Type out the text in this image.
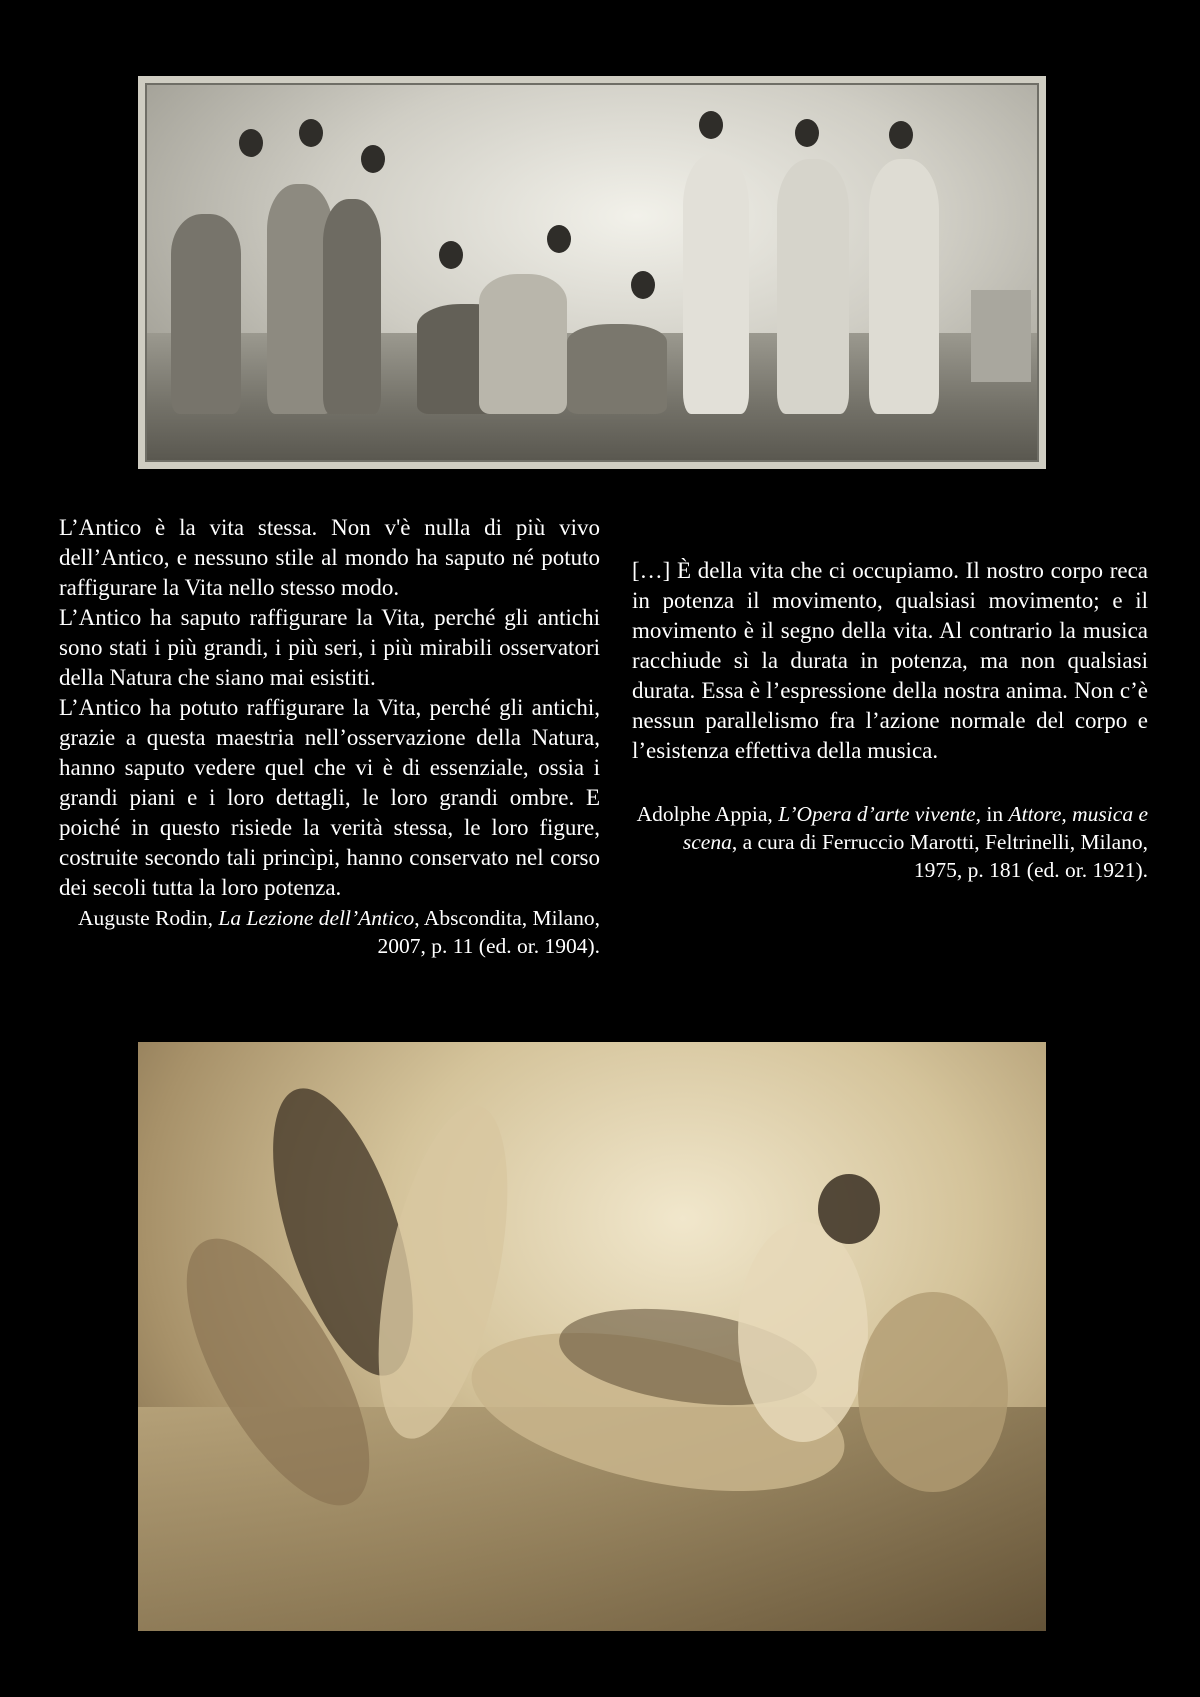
L’Antico è la vita stessa. Non v'è nulla di più vivo dell’Antico, e nessuno stile al mondo ha saputo né potuto raffigurare la Vita nello stesso modo.

L’Antico ha saputo raffigurare la Vita, perché gli antichi sono stati i più grandi, i più seri, i più mirabili osservatori della Natura che siano mai esistiti.

L’Antico ha potuto raffigurare la Vita, perché gli antichi, grazie a questa maestria nell’osservazione della Natura, hanno saputo vedere quel che vi è di essenziale, ossia i grandi piani e i loro dettagli, le loro grandi ombre. E poiché in questo risiede la verità stessa, le loro figure, costruite secondo tali princìpi, hanno conservato nel corso dei secoli tutta la loro potenza.

Auguste Rodin, La Lezione dell’Antico, Abscondita, Milano, 2007, p. 11 (ed. or. 1904).

[…] È della vita che ci occupiamo. Il nostro corpo reca in potenza il movimento, qualsiasi movimento; e il movimento è il segno della vita. Al contrario la musica racchiude sì la durata in potenza, ma non qualsiasi durata. Essa è l’espressione della nostra anima. Non c’è nessun parallelismo fra l’azione normale del corpo e l’esistenza effettiva della musica.

Adolphe Appia, L’Opera d’arte vivente, in Attore, musica e scena, a cura di Ferruccio Marotti, Feltrinelli, Milano, 1975, p. 181 (ed. or. 1921).
